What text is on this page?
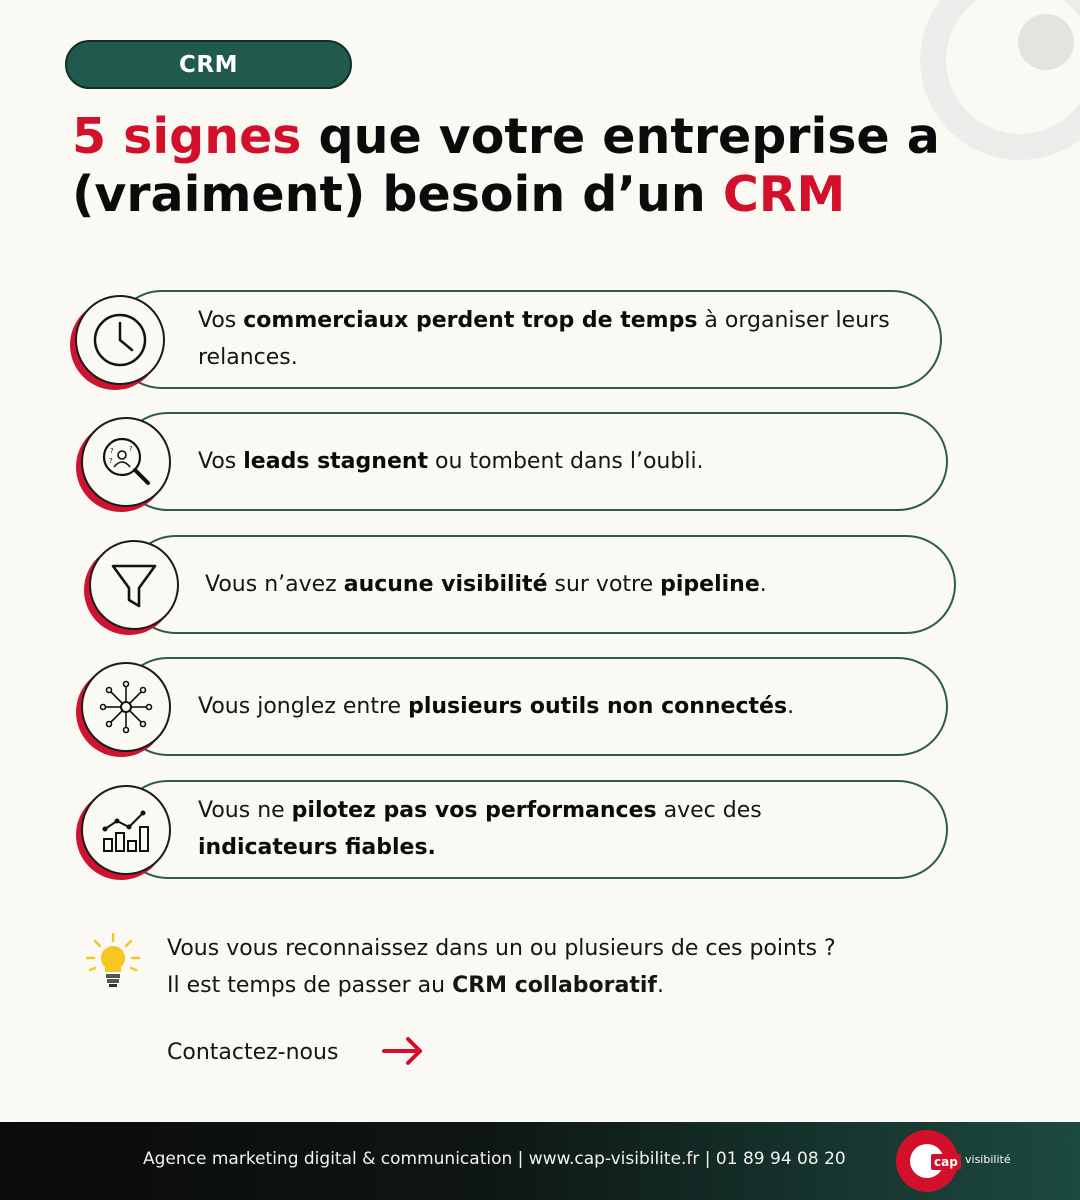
CRM
5 signes que votre entreprise a
(vraiment) besoin d’un CRM
Vos commerciaux perdent trop de temps à organiser leurs relances.
? ?
?	Vos leads stagnent ou tombent dans l’oubli.
Vous n’avez aucune visibilité sur votre pipeline.
Vous jonglez entre plusieurs outils non connectés.
Vous ne pilotez pas vos performances avec des
indicateurs fiables.
Vous vous reconnaissez dans un ou plusieurs de ces points ?
Il est temps de passer au CRM collaboratif.
Contactez-nous
Agence marketing digital & communication | www.cap-visibilite.fr | 01 89 94 08 20	cap visibilité
